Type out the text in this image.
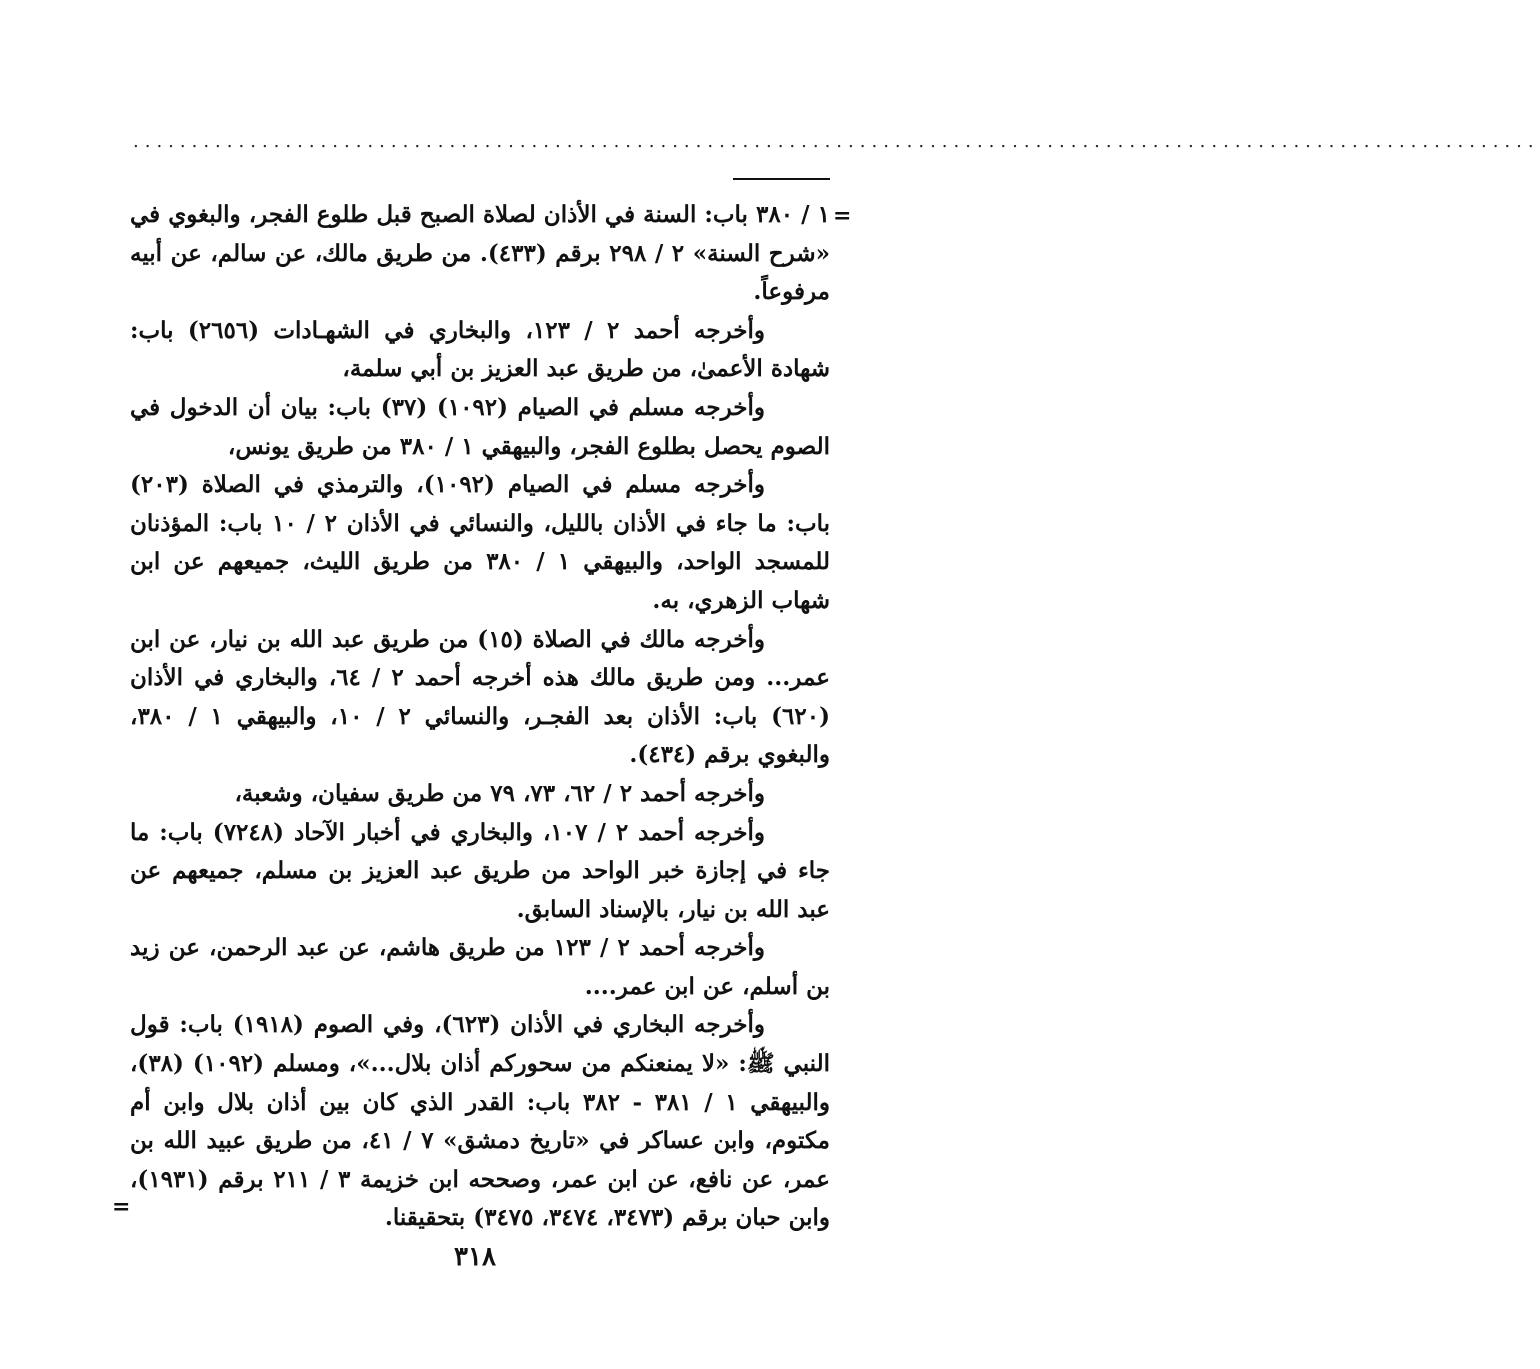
........................................................................................................................
=

١ / ٣٨٠ باب: السنة في الأذان لصلاة الصبح قبل طلوع الفجر، والبغوي في «شرح السنة» ٢ / ٢٩٨ برقم (٤٣٣). من طريق مالك، عن سالم، عن أبيه مرفوعاً.

وأخرجه أحمد ٢ / ١٢٣، والبخاري في الشهـادات (٢٦٥٦) باب: شهادة الأعمىٰ، من طريق عبد العزيز بن أبي سلمة،

وأخرجه مسلم في الصيام (١٠٩٢) (٣٧) باب: بيان أن الدخول في الصوم يحصل بطلوع الفجر، والبيهقي ١ / ٣٨٠ من طريق يونس،

وأخرجه مسلم في الصيام (١٠٩٢)، والترمذي في الصلاة (٢٠٣) باب: ما جاء في الأذان بالليل، والنسائي في الأذان ٢ / ١٠ باب: المؤذنان للمسجد الواحد، والبيهقي ١ / ٣٨٠ من طريق الليث، جميعهم عن ابن شهاب الزهري، به.

وأخرجه مالك في الصلاة (١٥) من طريق عبد الله بن نيار، عن ابن عمر... ومن طريق مالك هذه أخرجه أحمد ٢ / ٦٤، والبخاري في الأذان (٦٢٠) باب: الأذان بعد الفجـر، والنسائي ٢ / ١٠، والبيهقي ١ / ٣٨٠، والبغوي برقم (٤٣٤).

وأخرجه أحمد ٢ / ٦٢، ٧٣، ٧٩ من طريق سفيان، وشعبة،

وأخرجه أحمد ٢ / ١٠٧، والبخاري في أخبار الآحاد (٧٢٤٨) باب: ما جاء في إجازة خبر الواحد من طريق عبد العزيز بن مسلم، جميعهم عن عبد الله بن نيار، بالإسناد السابق.

وأخرجه أحمد ٢ / ١٢٣ من طريق هاشم، عن عبد الرحمن، عن زيد بن أسلم، عن ابن عمر....

وأخرجه البخاري في الأذان (٦٢٣)، وفي الصوم (١٩١٨) باب: قول النبي ﷺ: «لا يمنعنكم من سحوركم أذان بلال...»، ومسلم (١٠٩٢) (٣٨)، والبيهقي ١ / ٣٨١ - ٣٨٢ باب: القدر الذي كان بين أذان بلال وابن أم مكتوم، وابن عساكر في «تاريخ دمشق» ٧ / ٤١، من طريق عبيد الله بن عمر، عن نافع، عن ابن عمر، وصححه ابن خزيمة ٣ / ٢١١ برقم (١٩٣١)، وابن حبان برقم (٣٤٧٣، ٣٤٧٤، ٣٤٧٥) بتحقيقنا.

=
٣١٨
